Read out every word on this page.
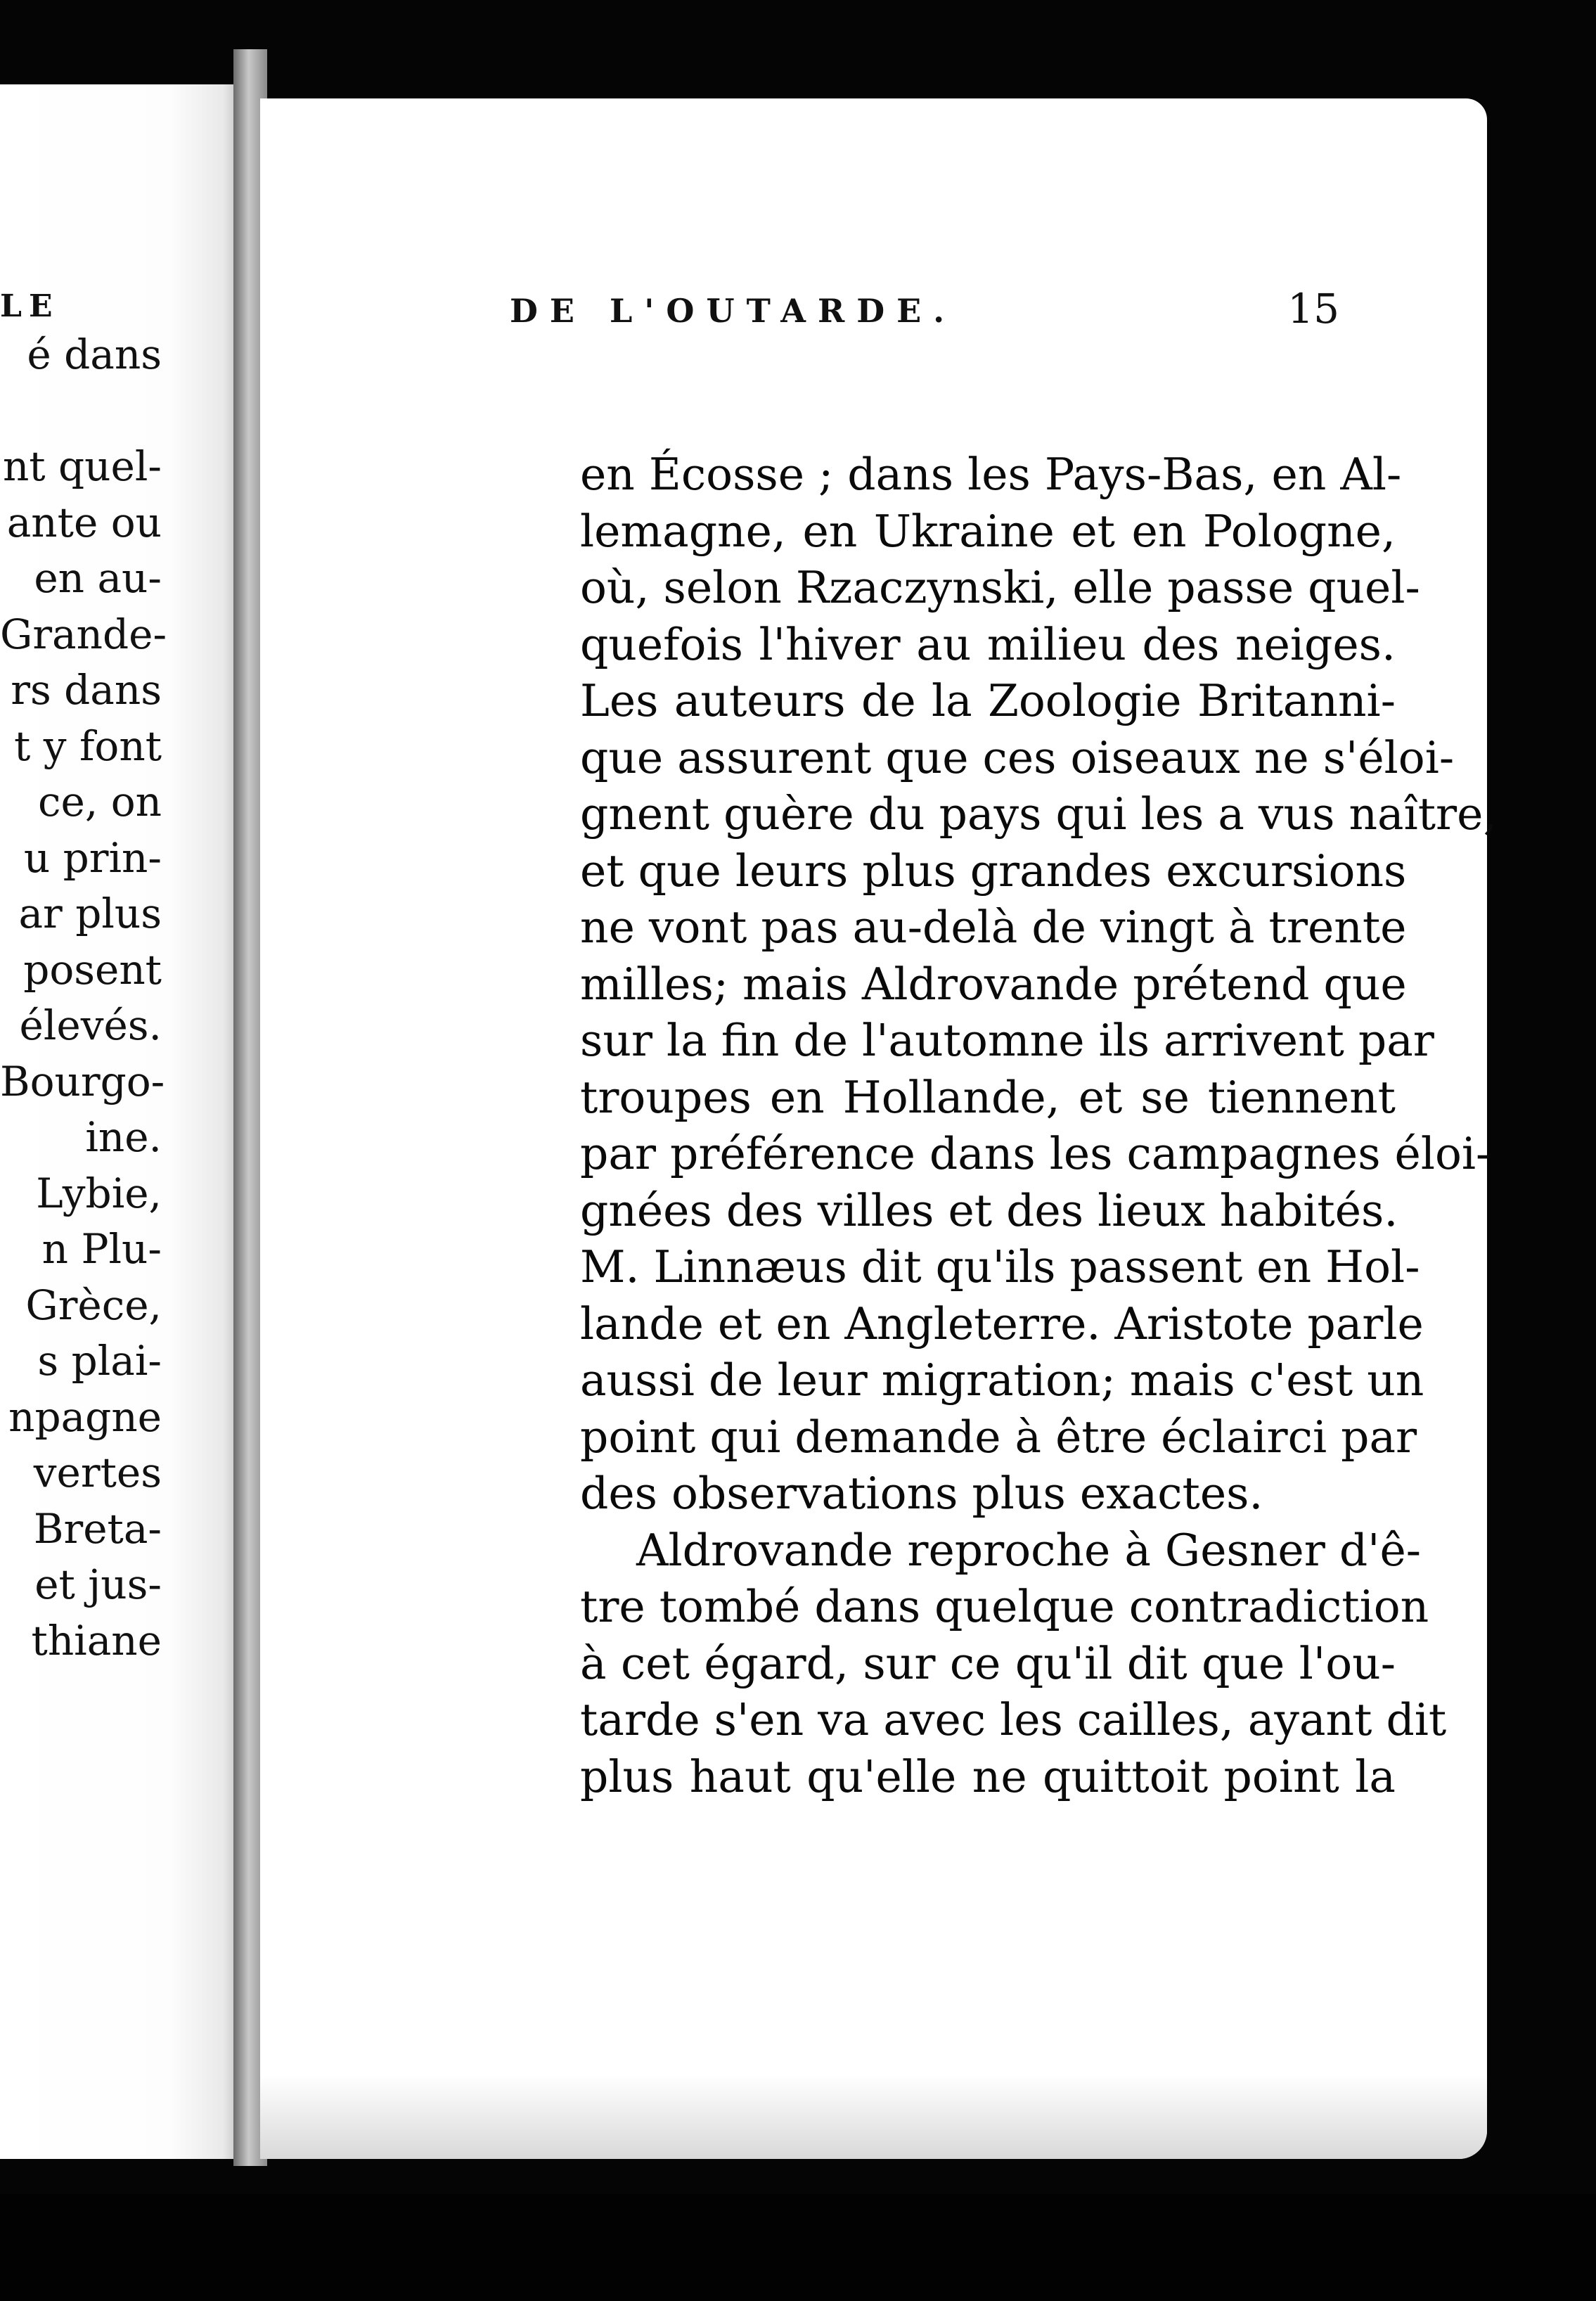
LE
é dans
nt quel-
ante ou
en au-
Grande-
rs dans
t y font
ce, on
u prin-
ar plus
posent
élevés.
Bourgo-
ine.
Lybie,
n Plu-
Grèce,
s plai-
npagne
vertes
Breta-
et jus-
thiane
DE L'OUTARDE.	15
en Écosse ; dans les Pays-Bas, en Al-
lemagne, en Ukraine et en Pologne,
où, selon Rzaczynski, elle passe quel-
quefois l'hiver au milieu des neiges.
Les auteurs de la Zoologie Britanni-
que assurent que ces oiseaux ne s'éloi-
gnent guère du pays qui les a vus naître,
et que leurs plus grandes excursions
ne vont pas au-delà de vingt à trente
milles; mais Aldrovande prétend que
sur la fin de l'automne ils arrivent par
troupes en Hollande, et se tiennent
par préférence dans les campagnes éloi-
gnées des villes et des lieux habités.
M. Linnæus dit qu'ils passent en Hol-
lande et en Angleterre. Aristote parle
aussi de leur migration; mais c'est un
point qui demande à être éclairci par
des observations plus exactes.
Aldrovande reproche à Gesner d'ê-
tre tombé dans quelque contradiction
à cet égard, sur ce qu'il dit que l'ou-
tarde s'en va avec les cailles, ayant dit
plus haut qu'elle ne quittoit point la
